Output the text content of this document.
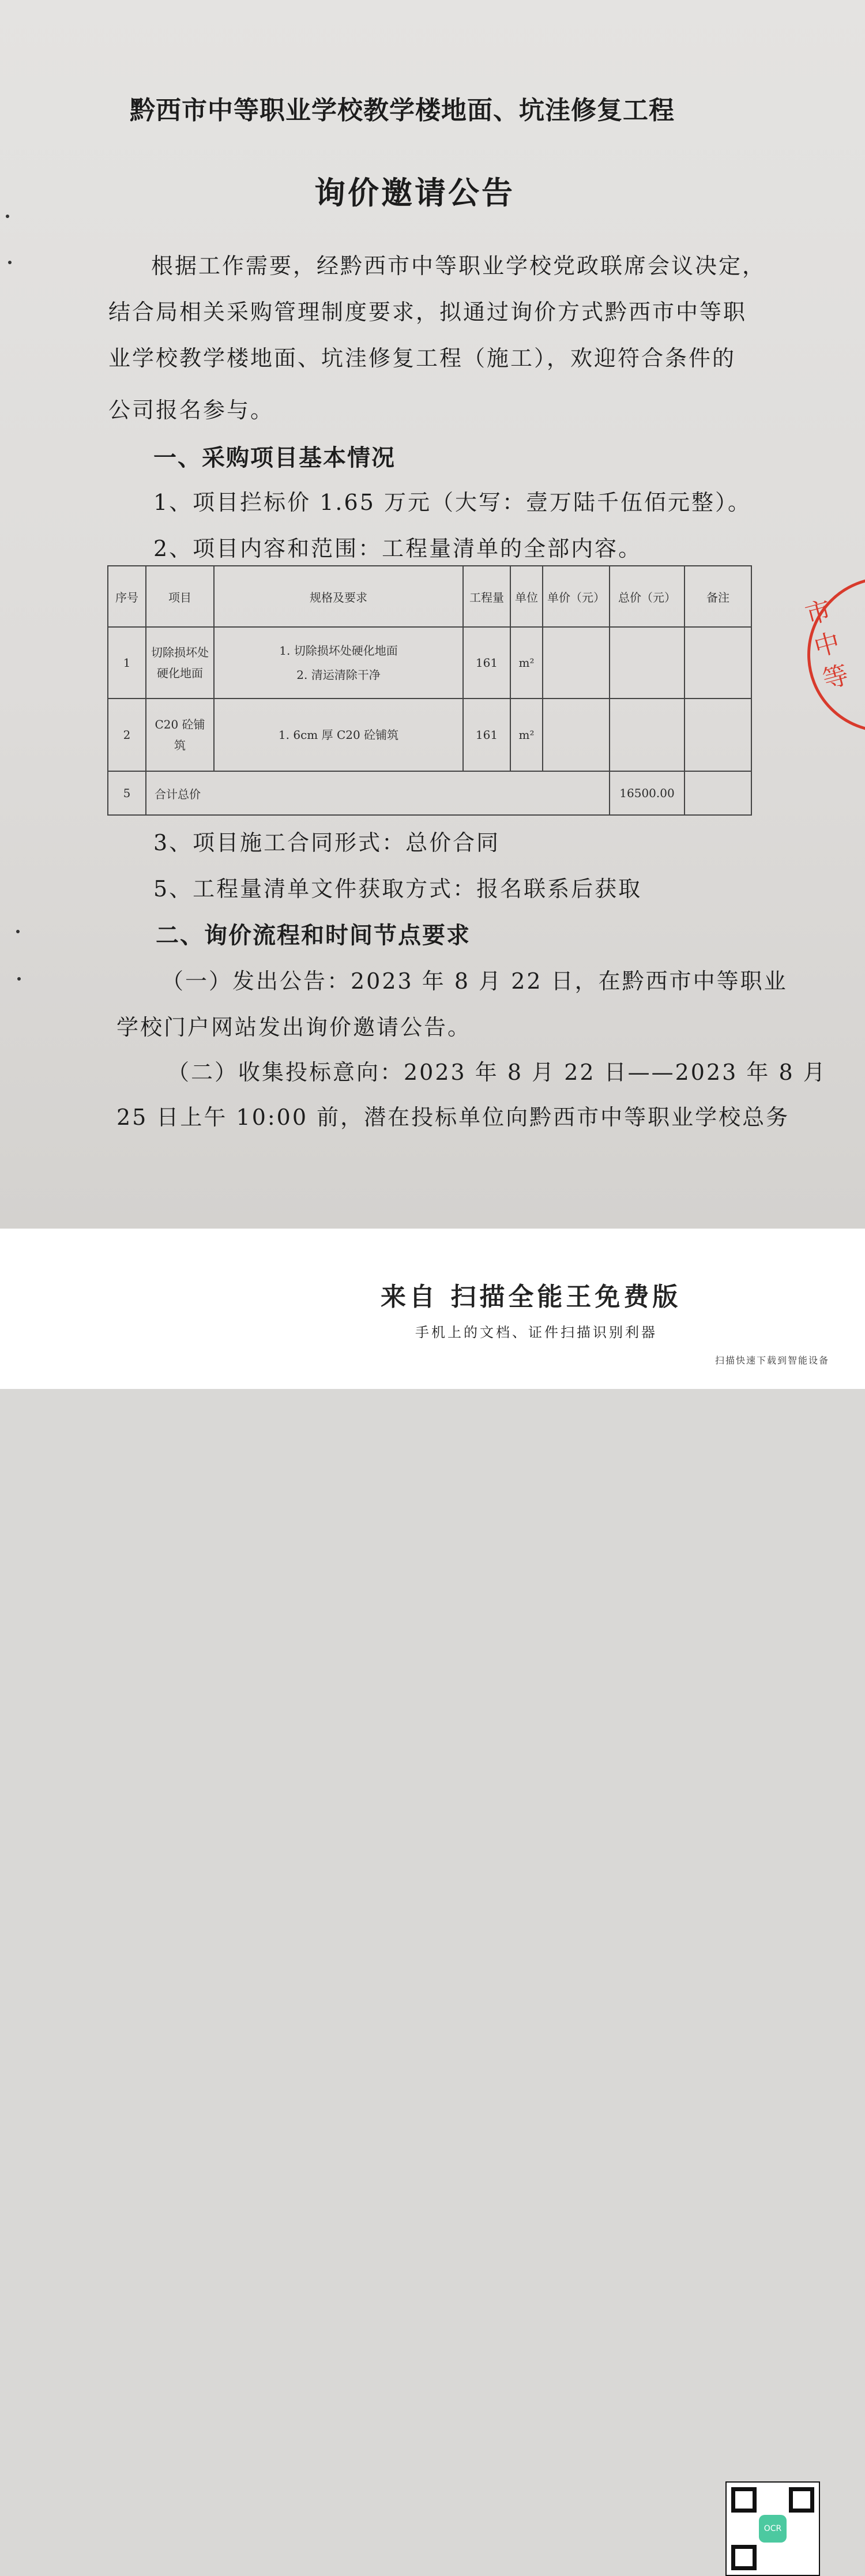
市中等
黔西市中等职业学校教学楼地面、坑洼修复工程
询价邀请公告
根据工作需要，经黔西市中等职业学校党政联席会议决定，
结合局相关采购管理制度要求，拟通过询价方式黔西市中等职
业学校教学楼地面、坑洼修复工程（施工），欢迎符合条件的
公司报名参与。
一、采购项目基本情况
1、项目拦标价 1.65 万元（大写：壹万陆千伍佰元整）。
2、项目内容和范围：工程量清单的全部内容。
序号	项目	规格及要求	工程量	单位	单价（元）	总价（元）	备注
1	切除损坏处硬化地面	1. 切除损坏处硬化地面
2. 清运清除干净	161	m²			
2	C20 砼铺筑	1. 6cm 厚 C20 砼铺筑	161	m²			
5	合计总价					16500.00	
3、项目施工合同形式：总价合同
5、工程量清单文件获取方式：报名联系后获取
二、询价流程和时间节点要求
（一）发出公告：2023 年 8 月 22 日，在黔西市中等职业
学校门户网站发出询价邀请公告。
（二）收集投标意向：2023 年 8 月 22 日——2023 年 8 月
25 日上午 10:00 前，潜在投标单位向黔西市中等职业学校总务
OCR
来自 扫描全能王免费版
手机上的文档、证件扫描识别利器
扫描快速下载到智能设备
